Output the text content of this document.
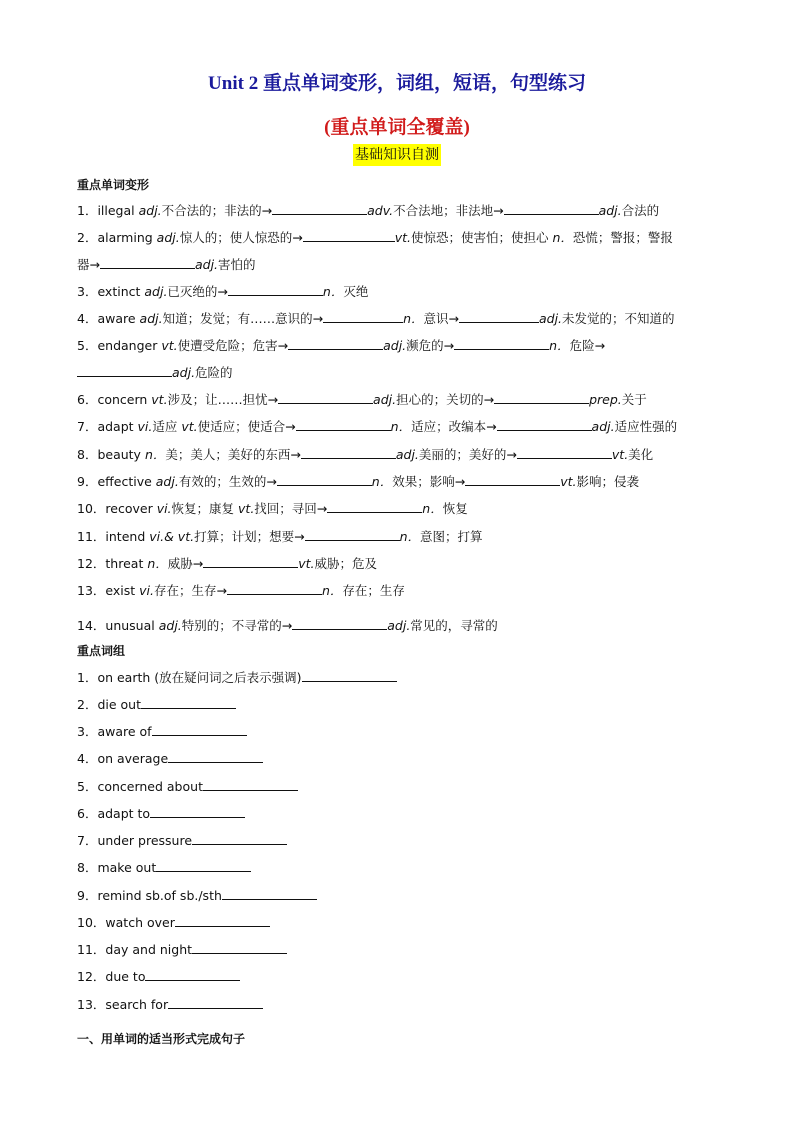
Unit 2 重点单词变形，词组，短语，句型练习
(重点单词全覆盖)
基础知识自测
重点单词变形
1．illegal adj.不合法的；非法的→	adv.不合法地；非法地→	adj.合法的
2．alarming adj.惊人的；使人惊恐的→	vt.使惊恐；使害怕；使担心 n．恐慌；警报；警报
器→	adj.害怕的
3．extinct adj.已灭绝的→	n．灭绝
4．aware adj.知道；发觉；有……意识的→	n．意识→	adj.未发觉的；不知道的
5．endanger vt.使遭受危险；危害→	adj.濒危的→	n．危险→
adj.危险的
6．concern vt.涉及；让……担忧→	adj.担心的；关切的→	prep.关于
7．adapt vi.适应 vt.使适应；使适合→	n．适应；改编本→	adj.适应性强的
8．beauty n．美；美人；美好的东西→	adj.美丽的；美好的→	vt.美化
9．effective adj.有效的；生效的→	n．效果；影响→	vt.影响；侵袭
10．recover vi.恢复；康复 vt.找回；寻回→	n．恢复
11．intend vi.& vt.打算；计划；想要→	n．意图；打算
12．threat n．威胁→	vt.威胁；危及
13．exist vi.存在；生存→	n．存在；生存
14．unusual adj.特别的；不寻常的→	adj.常见的，寻常的
重点词组
1．on earth (放在疑问词之后表示强调)
2．die out
3．aware of
4．on average
5．concerned about
6．adapt to
7．under pressure
8．make out
9．remind sb.of sb./sth
10．watch over
11．day and night
12．due to
13．search for
一、用单词的适当形式完成句子
